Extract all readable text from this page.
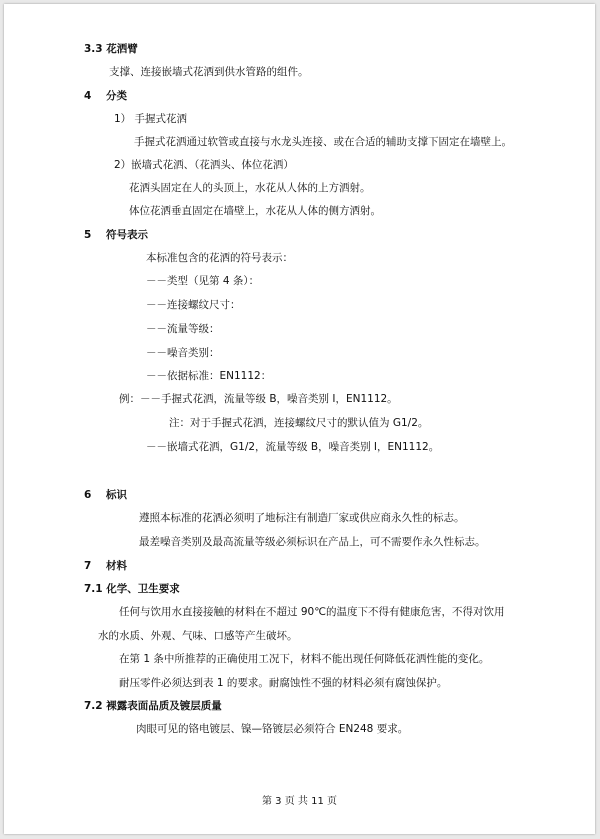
3.3 花洒臂
支撑、连接嵌墙式花洒到供水管路的组件。
4 分类
1） 手握式花洒
手握式花洒通过软管或直接与水龙头连接、或在合适的辅助支撑下固定在墙壁上。
2）嵌墙式花洒、（花洒头、体位花洒）
花洒头固定在人的头顶上，水花从人体的上方洒射。
体位花洒垂直固定在墙壁上，水花从人体的侧方洒射。
5 符号表示
本标准包含的花洒的符号表示：
－－类型（见第 4 条）：
－－连接螺纹尺寸：
－－流量等级：
－－噪音类别：
－－依据标准：EN1112：
例：－－手握式花洒，流量等级 B，噪音类别 I，EN1112。
注：对于手握式花洒，连接螺纹尺寸的默认值为 G1/2。
－－嵌墙式花洒，G1/2，流量等级 B，噪音类别 I，EN1112。
6 标识
遵照本标准的花洒必须明了地标注有制造厂家或供应商永久性的标志。
最差噪音类别及最高流量等级必须标识在产品上，可不需要作永久性标志。
7 材料
7.1 化学、卫生要求
任何与饮用水直接接触的材料在不超过 90℃的温度下不得有健康危害，不得对饮用
水的水质、外观、气味、口感等产生破坏。
在第 1 条中所推荐的正确使用工况下，材料不能出现任何降低花洒性能的变化。
耐压零件必须达到表 1 的要求。耐腐蚀性不强的材料必须有腐蚀保护。
7.2 裸露表面品质及镀层质量
肉眼可见的铬电镀层、镍—铬镀层必须符合 EN248 要求。
第 3 页 共 11 页
